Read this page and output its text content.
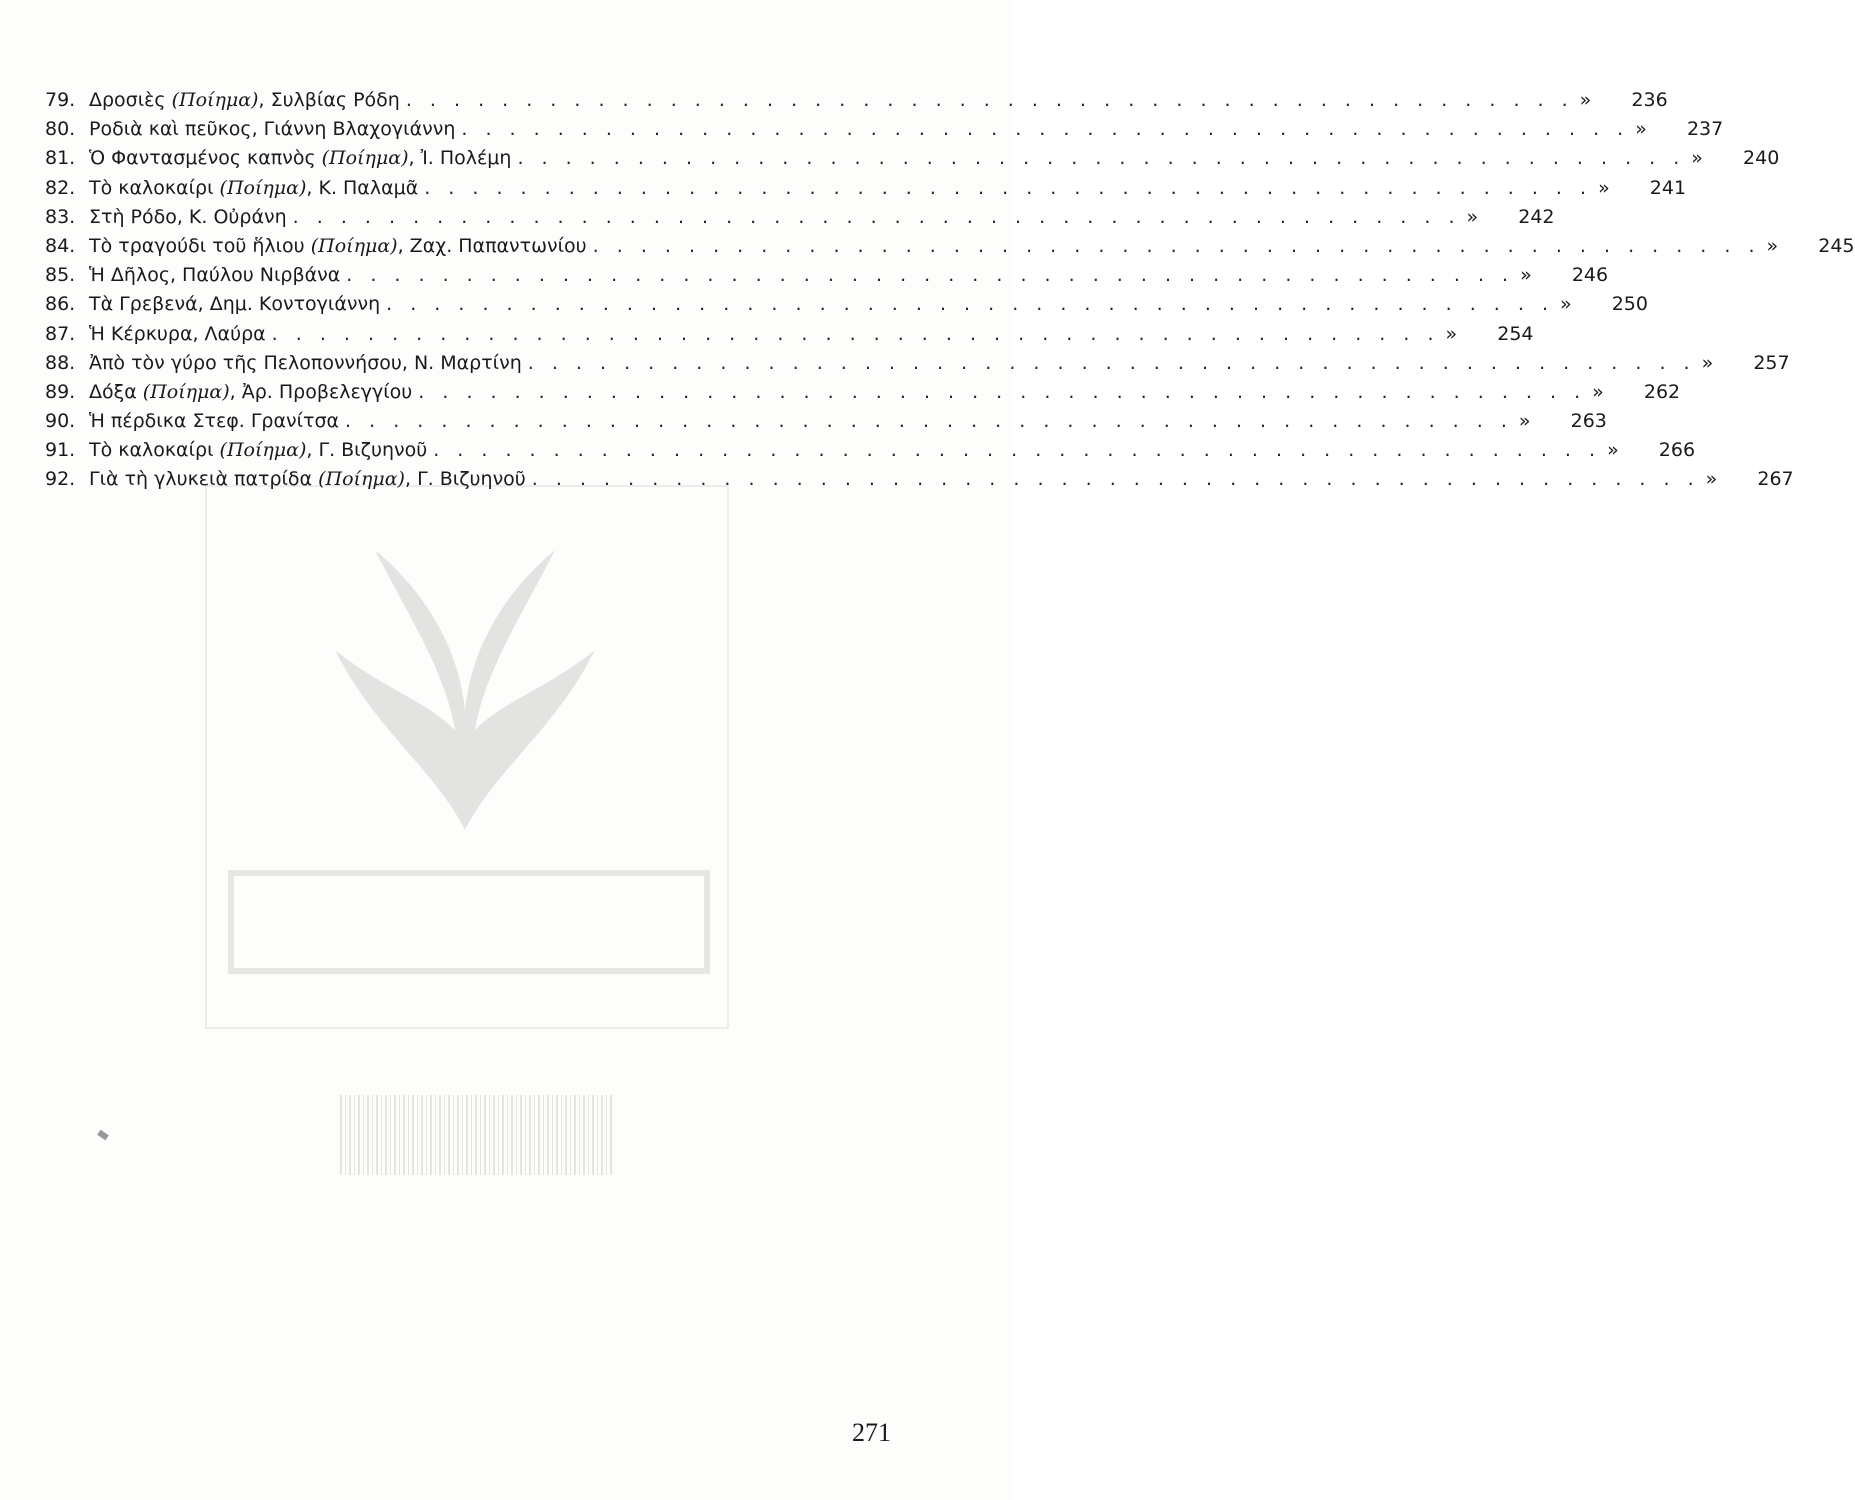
79. Δροσιὲς (Ποίημα), Συλβίας Ρόδη . . .	»	236
80. Ροδιὰ καὶ πεῦκος, Γιάννη Βλαχογιάννη . . .	»	237
81. Ὁ Φαντασμένος καπνὸς (Ποίημα), Ἰ. Πολέμη . . .	»	240
82. Τὸ καλοκαίρι (Ποίημα), Κ. Παλαμᾶ . . .	»	241
83. Στὴ Ρόδο, Κ. Οὐράνη . . .	»	242
84. Τὸ τραγούδι τοῦ ἥλιου (Ποίημα), Ζαχ. Παπαντωνίου . . .	»	245
85. Ἡ Δῆλος, Παύλου Νιρβάνα . . .	»	246
86. Τὰ Γρεβενά, Δημ. Κοντογιάννη . . .	»	250
87. Ἡ Κέρκυρα, Λαύρα . . .	»	254
88. Ἀπὸ τὸν γύρο τῆς Πελοποννήσου, Ν. Μαρτίνη . . .	»	257
89. Δόξα (Ποίημα), Ἀρ. Προβελεγγίου . . .	»	262
90. Ἡ πέρδικα Στεφ. Γρανίτσα . . .	»	263
91. Τὸ καλοκαίρι (Ποίημα), Γ. Βιζυηνοῦ . . .	»	266
92. Γιὰ τὴ γλυκειὰ πατρίδα (Ποίημα), Γ. Βιζυηνοῦ . . .	»	267
271
